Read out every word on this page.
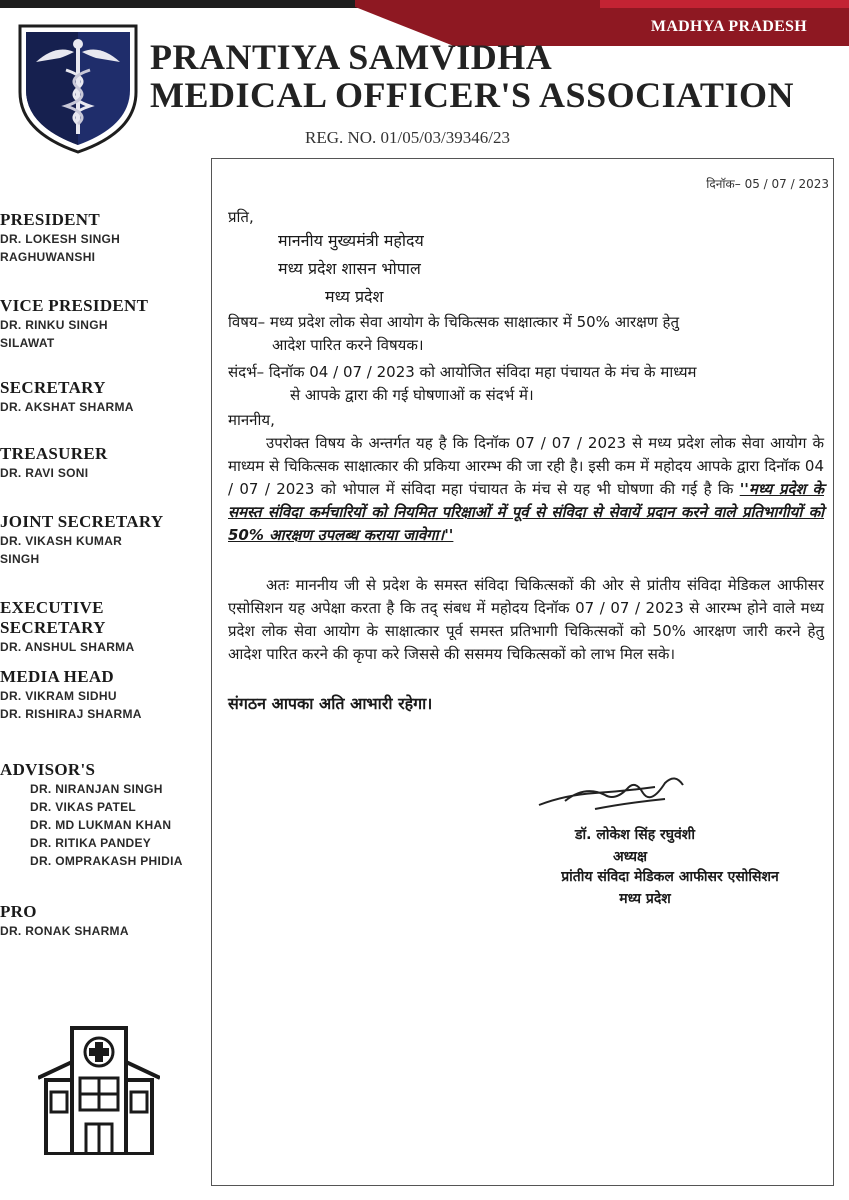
MADHYA PRADESH
PRANTIYA SAMVIDHA
MEDICAL OFFICER'S ASSOCIATION
REG. NO. 01/05/03/39346/23
PRESIDENT
DR. LOKESH SINGH
RAGHUWANSHI
VICE PRESIDENT
DR. RINKU SINGH
SILAWAT
SECRETARY
DR. AKSHAT SHARMA
TREASURER
DR. RAVI SONI
JOINT SECRETARY
DR. VIKASH KUMAR
SINGH
EXECUTIVE SECRETARY
DR. ANSHUL SHARMA
MEDIA HEAD
DR. VIKRAM SIDHU
DR. RISHIRAJ SHARMA
ADVISOR'S
DR. NIRANJAN SINGH
DR. VIKAS PATEL
DR. MD LUKMAN KHAN
DR. RITIKA PANDEY
DR. OMPRAKASH PHIDIA
PRO
DR. RONAK SHARMA
दिनॉक– 05 / 07 / 2023
प्रति,
माननीय मुख्यमंत्री महोदय
मध्य प्रदेश शासन भोपाल
मध्य प्रदेश
विषय– मध्य प्रदेश लोक सेवा आयोग के चिकित्सक साक्षात्कार में 50% आरक्षण हेतु
आदेश पारित करने विषयक।
संदर्भ– दिनॉक 04 / 07 / 2023 को आयोजित संविदा महा पंचायत के मंच के माध्यम
से आपके द्वारा की गई घोषणाओं क संदर्भ में।
माननीय,
उपरोक्त विषय के अन्तर्गत यह है कि दिनॉक 07 / 07 / 2023 से मध्य प्रदेश लोक सेवा आयोग के माध्यम से चिकित्सक साक्षात्कार की प्रकिया आरम्भ की जा रही है। इसी कम में महोदय आपके द्वारा दिनॉक 04 / 07 / 2023 को भोपाल में संविदा महा पंचायत के मंच से यह भी घोषणा की गई है कि ''मध्य प्रदेश के समस्त संविदा कर्मचारियों को नियमित परिक्षाओं में पूर्व से संविदा से सेवायें प्रदान करने वाले प्रतिभागीयों को 50% आरक्षण उपलब्ध कराया जावेगा।''
अतः माननीय जी से प्रदेश के समस्त संविदा चिकित्सकों की ओर से प्रांतीय संविदा मेडिकल आफीसर एसोसिशन यह अपेक्षा करता है कि तद् संबध में महोदय दिनॉक 07 / 07 / 2023 से आरम्भ होने वाले मध्य प्रदेश लोक सेवा आयोग के साक्षात्कार पूर्व समस्त प्रतिभागी चिकित्सकों को 50% आरक्षण जारी करने हेतु आदेश पारित करने की कृपा करे जिससे की ससमय चिकित्सकों को लाभ मिल सके।
संगठन आपका अति आभारी रहेगा।
डॉ. लोकेश सिंह रघुवंशी
अध्यक्ष
प्रांतीय संविदा मेडिकल आफीसर एसोसिशन
मध्य प्रदेश
